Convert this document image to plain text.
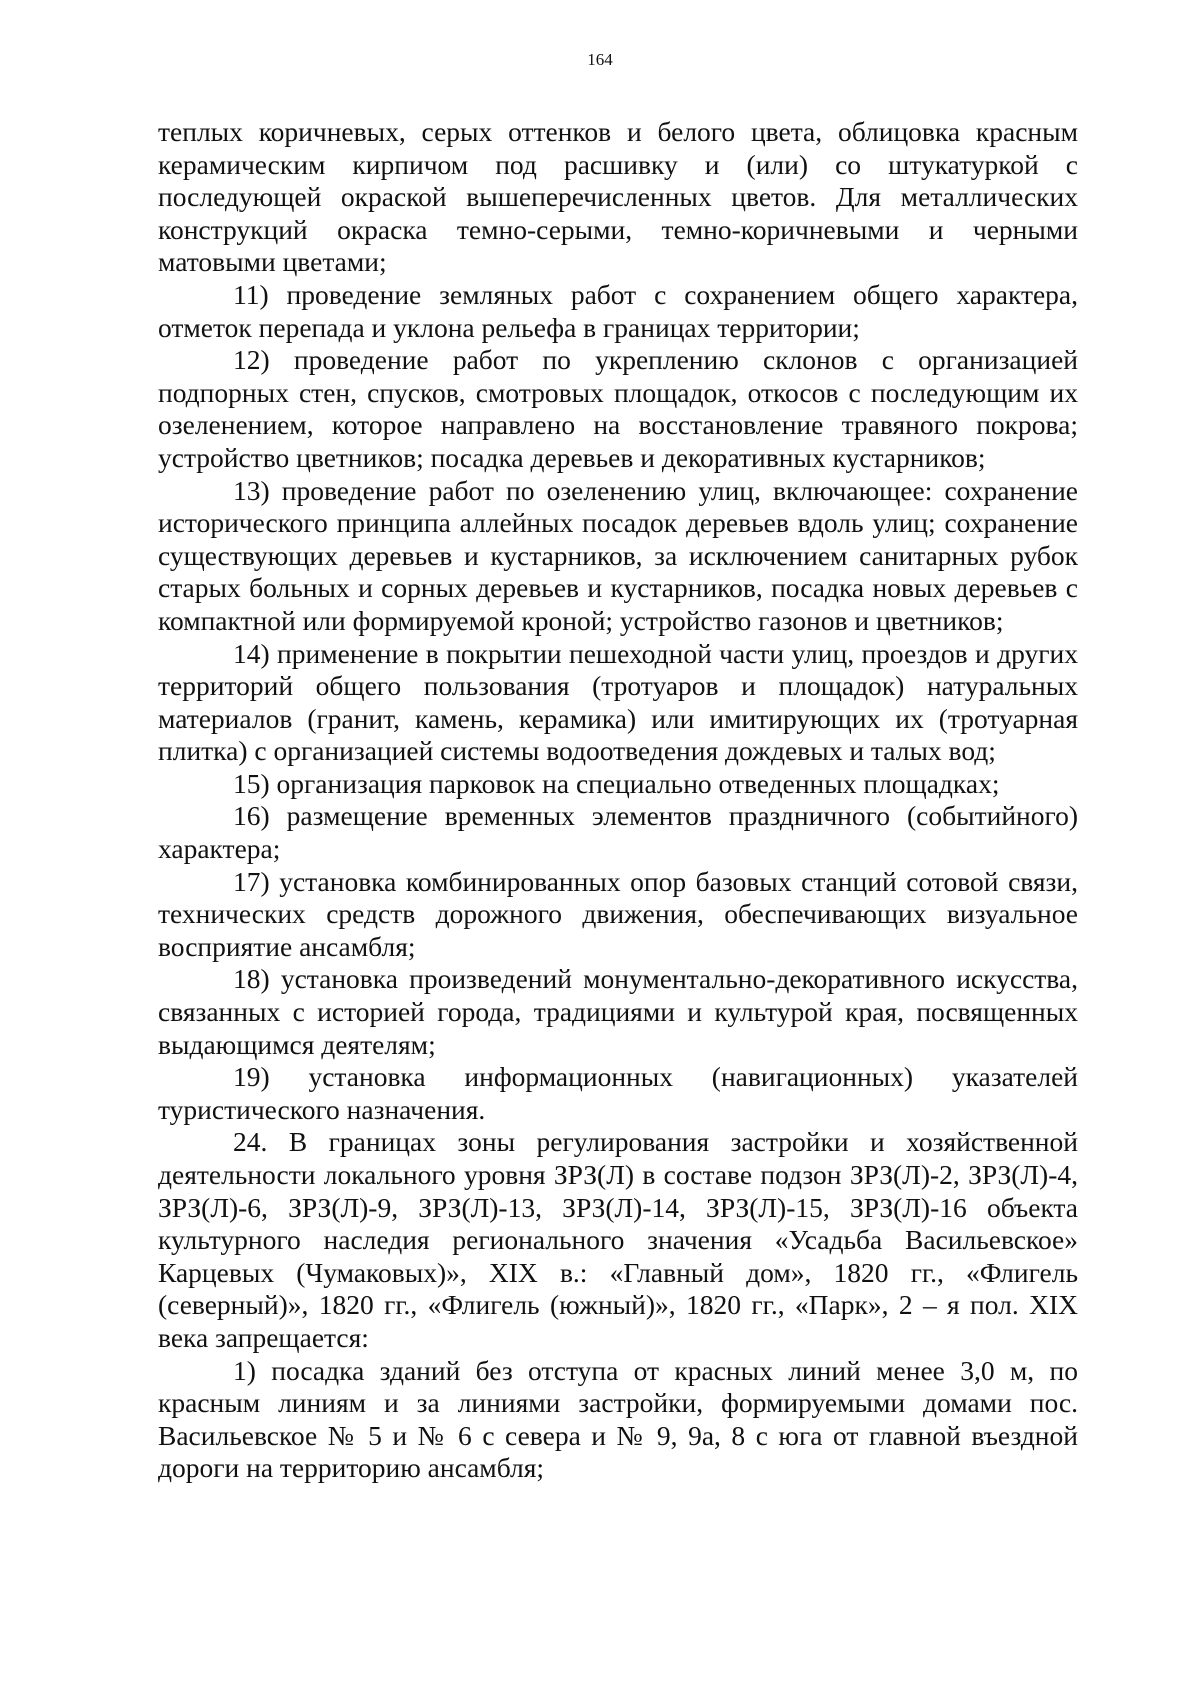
164

теплых коричневых, серых оттенков и белого цвета, облицовка красным керамическим кирпичом под расшивку и (или) со штукатуркой с последующей окраской вышеперечисленных цветов. Для металлических конструкций окраска темно-серыми, темно-коричневыми и черными матовыми цветами;

11) проведение земляных работ с сохранением общего характера, отметок перепада и уклона рельефа в границах территории;

12) проведение работ по укреплению склонов с организацией подпорных стен, спусков, смотровых площадок, откосов с последующим их озеленением, которое направлено на восстановление травяного покрова; устройство цветников; посадка деревьев и декоративных кустарников;

13) проведение работ по озеленению улиц, включающее: сохранение исторического принципа аллейных посадок деревьев вдоль улиц; сохранение существующих деревьев и кустарников, за исключением санитарных рубок старых больных и сорных деревьев и кустарников, посадка новых деревьев с компактной или формируемой кроной; устройство газонов и цветников;

14) применение в покрытии пешеходной части улиц, проездов и других территорий общего пользования (тротуаров и площадок) натуральных материалов (гранит, камень, керамика) или имитирующих их (тротуарная плитка) с организацией системы водоотведения дождевых и талых вод;

15) организация парковок на специально отведенных площадках;

16) размещение временных элементов праздничного (событийного) характера;

17) установка комбинированных опор базовых станций сотовой связи, технических средств дорожного движения, обеспечивающих визуальное восприятие ансамбля;

18) установка произведений монументально-декоративного искусства, связанных с историей города, традициями и культурой края, посвященных выдающимся деятелям;

19) установка информационных (навигационных) указателей туристического назначения.

24. В границах зоны регулирования застройки и хозяйственной деятельности локального уровня ЗРЗ(Л) в составе подзон ЗРЗ(Л)-2, ЗРЗ(Л)-4, ЗРЗ(Л)-6, ЗРЗ(Л)-9, ЗРЗ(Л)-13, ЗРЗ(Л)-14, ЗРЗ(Л)-15, ЗРЗ(Л)-16 объекта культурного наследия регионального значения «Усадьба Васильевское» Карцевых (Чумаковых)», XIX в.: «Главный дом», 1820 гг., «Флигель (северный)», 1820 гг., «Флигель (южный)», 1820 гг., «Парк», 2 – я пол. XIX века запрещается:

1) посадка зданий без отступа от красных линий менее 3,0 м, по красным линиям и за линиями застройки, формируемыми домами пос. Васильевское № 5 и № 6 с севера и № 9, 9а, 8 с юга от главной въездной дороги на территорию ансамбля;
